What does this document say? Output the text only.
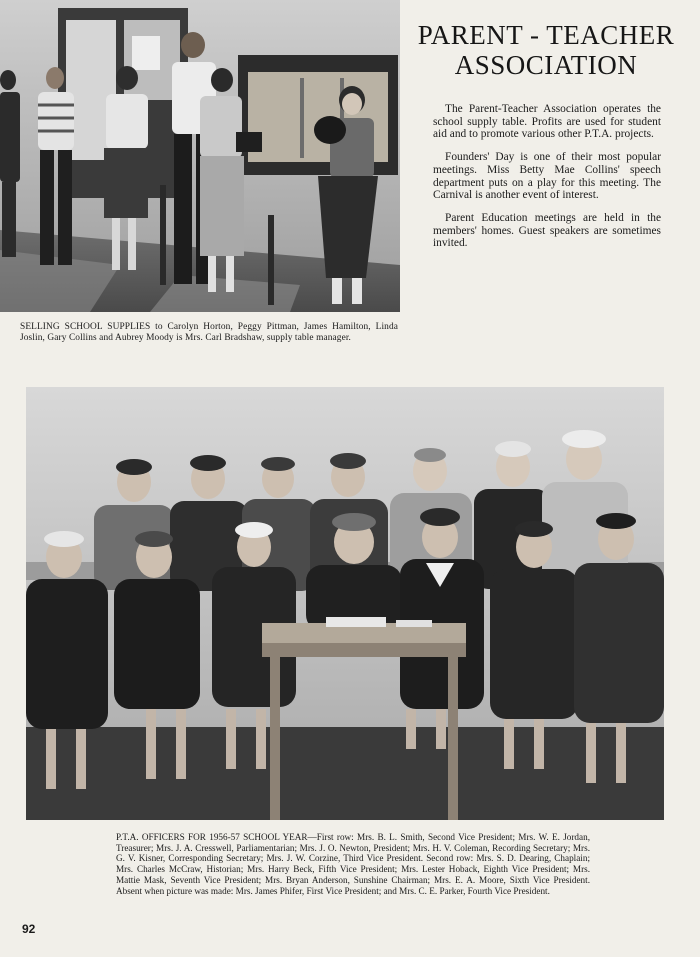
SELLING SCHOOL SUPPLIES to Carolyn Horton, Peggy Pittman, James Hamilton, Linda Joslin, Gary Collins and Aubrey Moody is Mrs. Carl Bradshaw, supply table manager.
PARENT - TEACHER
ASSOCIATION

The Parent-Teacher Association operates the school supply table. Profits are used for student aid and to promote various other P.T.A. projects.

Founders' Day is one of their most popular meetings. Miss Betty Mae Collins' speech department puts on a play for this meeting. The Carnival is another event of interest.

Parent Education meetings are held in the members' homes. Guest speakers are sometimes invited.

P.T.A. OFFICERS FOR 1956-57 SCHOOL YEAR—First row: Mrs. B. L. Smith, Second Vice President; Mrs. W. E. Jordan, Treasurer; Mrs. J. A. Cresswell, Parliamentarian; Mrs. J. O. Newton, President; Mrs. H. V. Coleman, Recording Secretary; Mrs. G. V. Kisner, Corresponding Secretary; Mrs. J. W. Corzine, Third Vice President. Second row: Mrs. S. D. Dearing, Chaplain; Mrs. Charles McCraw, Historian; Mrs. Harry Beck, Fifth Vice President; Mrs. Lester Hoback, Eighth Vice President; Mrs. Mattie Mask, Seventh Vice President; Mrs. Bryan Anderson, Sunshine Chairman; Mrs. E. A. Moore, Sixth Vice President. Absent when picture was made: Mrs. James Phifer, First Vice President; and Mrs. C. E. Parker, Fourth Vice President.
92
